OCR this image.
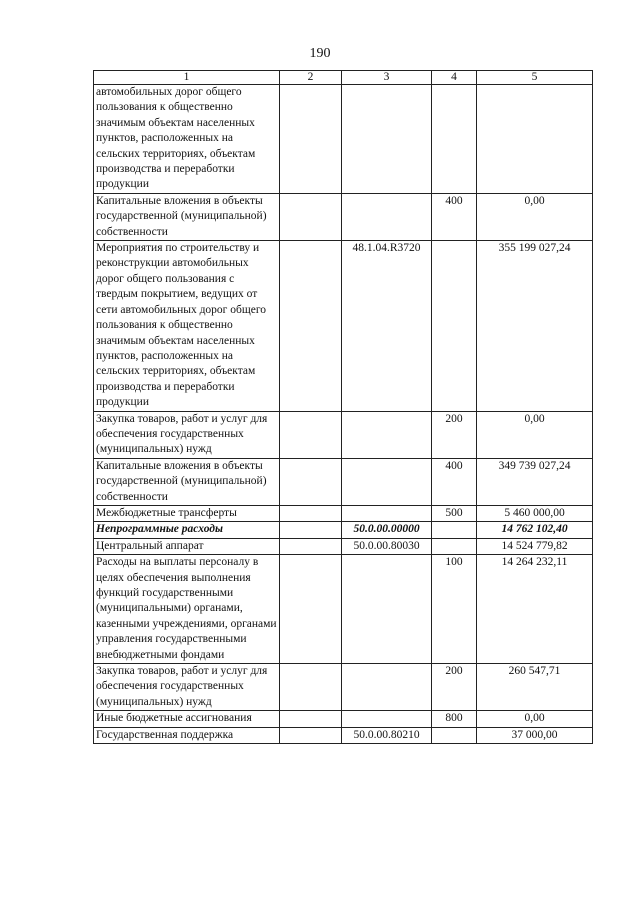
190
1	2	3	4	5
автомобильных дорог общего пользования к общественно значимым объектам населенных пунктов, расположенных на сельских территориях, объектам производства и переработки продукции				
Капитальные вложения в объекты государственной (муниципальной) собственности			400	0,00
Мероприятия по строительству и реконструкции автомобильных дорог общего пользования с твердым покрытием, ведущих от сети автомобильных дорог общего пользования к общественно значимым объектам населенных пунктов, расположенных на сельских территориях, объектам производства и переработки продукции		48.1.04.R3720		355 199 027,24
Закупка товаров, работ и услуг для обеспечения государственных (муниципальных) нужд			200	0,00
Капитальные вложения в объекты государственной (муниципальной) собственности			400	349 739 027,24
Межбюджетные трансферты			500	5 460 000,00
Непрограммные расходы		50.0.00.00000		14 762 102,40
Центральный аппарат		50.0.00.80030		14 524 779,82
Расходы на выплаты персоналу в целях обеспечения выполнения функций государственными (муниципальными) органами, казенными учреждениями, органами управления государственными внебюджетными фондами			100	14 264 232,11
Закупка товаров, работ и услуг для обеспечения государственных (муниципальных) нужд			200	260 547,71
Иные бюджетные ассигнования			800	0,00
Государственная поддержка		50.0.00.80210		37 000,00
